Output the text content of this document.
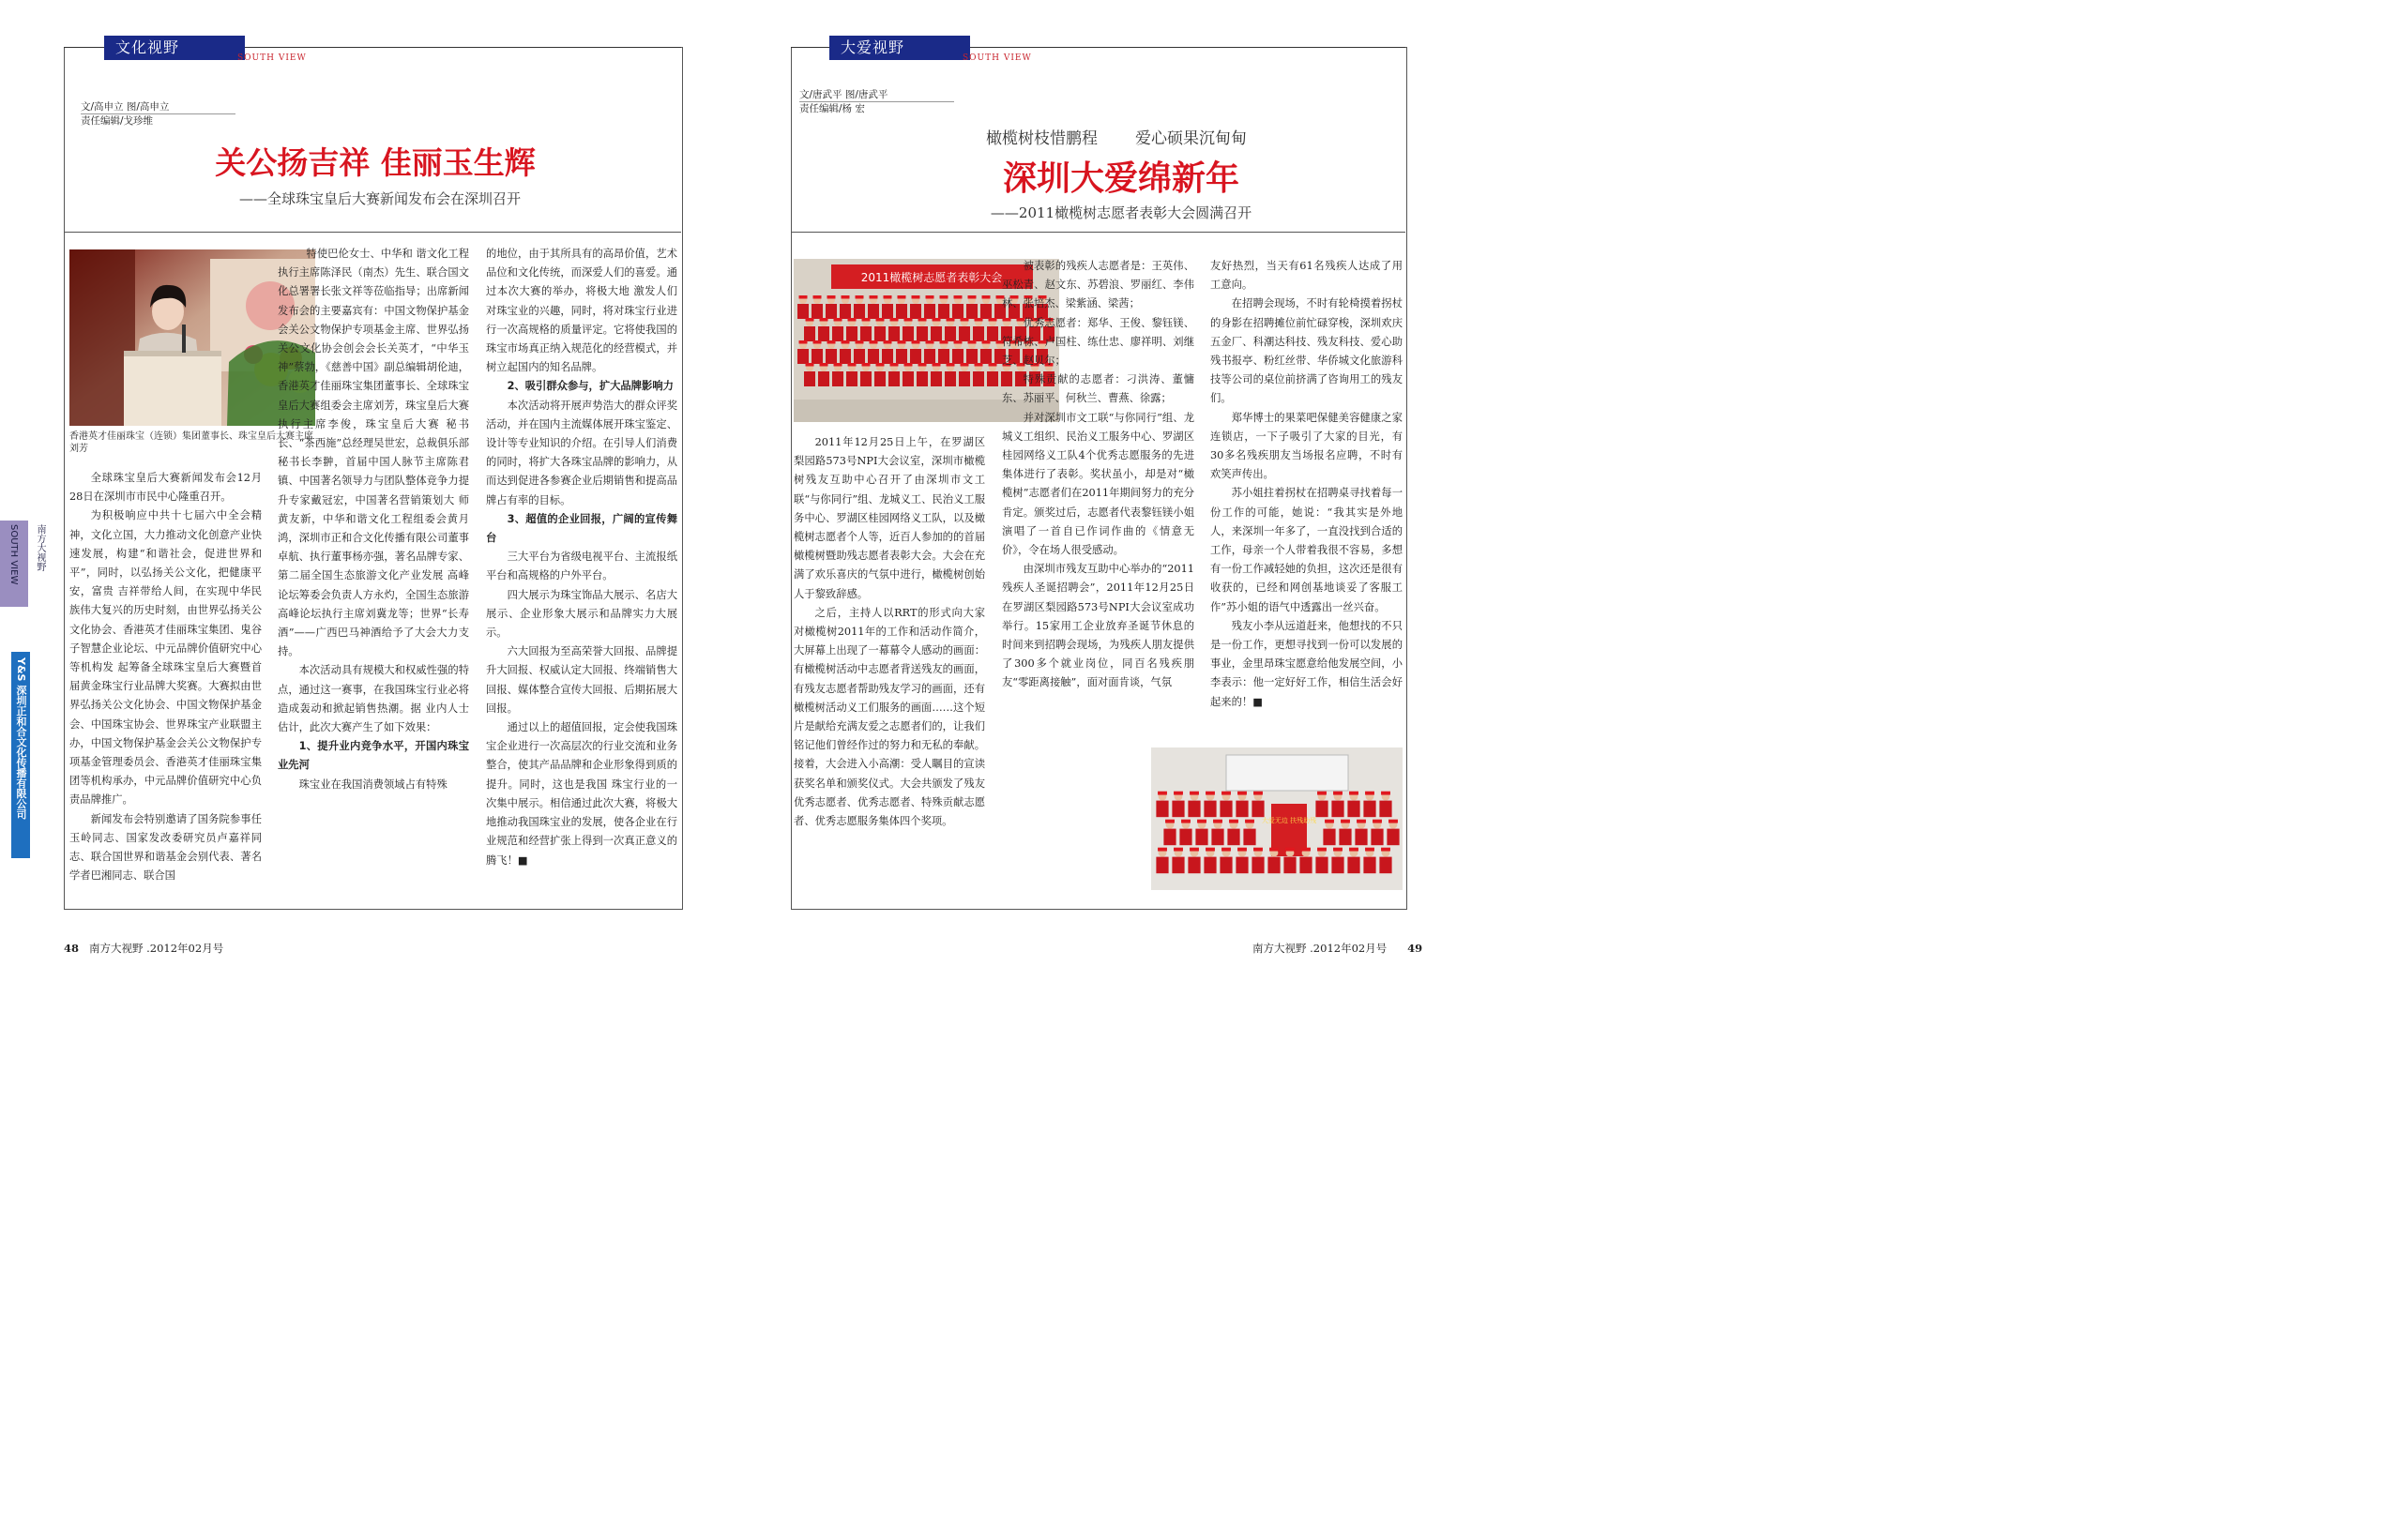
文化视野
SOUTH VIEW
文/高申立 图/高申立
责任编辑/戈珍维
关公扬吉祥 佳丽玉生辉
——全球珠宝皇后大赛新闻发布会在深圳召开
香港英才佳丽珠宝（连锁）集团董事长、珠宝皇后大赛主席刘芳

全球珠宝皇后大赛新闻发布会12月28日在深圳市市民中心隆重召开。

为积极响应中共十七届六中全会精神，文化立国，大力推动文化创意产业快速发展，构建“和谐社会，促进世界和平”，同时，以弘扬关公文化，把健康平安，富贵 吉祥带给人间，在实现中华民族伟大复兴的历史时刻，由世界弘扬关公文化协会、香港英才佳丽珠宝集团、鬼谷子智慧企业论坛、中元品牌价值研究中心等机构发 起筹备全球珠宝皇后大赛暨首届黄金珠宝行业品牌大奖赛。大赛拟由世界弘扬关公文化协会、中国文物保护基金会、中国珠宝协会、世界珠宝产业联盟主办，中国文物保护基金会关公文物保护专项基金管理委员会、香港英才佳丽珠宝集团等机构承办，中元品牌价值研究中心负责品牌推广。

新闻发布会特别邀请了国务院参事任玉岭同志、国家发改委研究员卢嘉祥同志、联合国世界和谐基金会别代表、著名学者巴湘同志、联合国

特使巴伦女士、中华和 谐文化工程执行主席陈泽民（南杰）先生、联合国文化总署署长张文祥等莅临指导；出席新闻发布会的主要嘉宾有：中国文物保护基金会关公文物保护专项基金主席、世界弘扬关公文化协会创会会长关英才，“中华玉神”蔡勃，《慈善中国》副总编辑胡伦迪，香港英才佳丽珠宝集团董事长、全球珠宝皇后大赛组委会主席刘芳，珠宝皇后大赛执行主席李俊，珠宝皇后大赛 秘书长、“茶西施”总经理吴世宏，总裁俱乐部秘书长李翀，首届中国人脉节主席陈君镇、中国著名领导力与团队整体竞争力提升专家戴冠宏，中国著名营销策划大 师黄友新，中华和谐文化工程组委会黄月鸿，深圳市正和合文化传播有限公司董事卓航、执行董事杨亦强，著名品牌专家、第二届全国生态旅游文化产业发展 高峰论坛筹委会负责人方永灼，全国生态旅游高峰论坛执行主席刘冀龙等；世界“长寿酒”——广西巴马神酒给予了大会大力支持。

本次活动具有规模大和权威性强的特点，通过这一赛事，在我国珠宝行业必将造成轰动和掀起销售热潮。据 业内人士估计，此次大赛产生了如下效果：

1、提升业内竞争水平，开国内珠宝业先河

珠宝业在我国消费领域占有特殊

的地位，由于其所具有的高昂价值，艺术品位和文化传统，而深爱人们的喜爱。通过本次大赛的举办，将极大地 激发人们对珠宝业的兴趣，同时，将对珠宝行业进行一次高规格的质量评定。它将使我国的珠宝市场真正纳入规范化的经营模式，并树立起国内的知名品牌。

2、吸引群众参与，扩大品牌影响力

本次活动将开展声势浩大的群众评奖活动，并在国内主流媒体展开珠宝鉴定、设计等专业知识的介绍。在引导人们消费的同时，将扩大各珠宝品牌的影响力，从而达到促进各参赛企业后期销售和提高品牌占有率的目标。

3、超值的企业回报，广阔的宣传舞台

三大平台为省级电视平台、主流报纸平台和高规格的户外平台。

四大展示为珠宝饰品大展示、名店大展示、企业形象大展示和品牌实力大展示。

六大回报为至高荣誉大回报、品牌提升大回报、权威认定大回报、终端销售大回报、媒体整合宣传大回报、后期拓展大回报。

通过以上的超值回报，定会使我国珠宝企业进行一次高层次的行业交流和业务整合，使其产品品牌和企业形象得到质的提升。同时，这也是我国 珠宝行业的一次集中展示。相信通过此次大赛，将极大地推动我国珠宝业的发展，使各企业在行业规范和经营扩张上得到一次真正意义的腾飞！■

48 南方大视野 .2012年02月号
南方大视野 SOUTH VIEW
Y&S 深圳正和合文化传播有限公司
大爱视野
SOUTH VIEW
文/唐武平 图/唐武平
责任编辑/杨 宏
橄榄树枝惜鹏程 爱心硕果沉甸甸
深圳大爱绵新年
——2011橄榄树志愿者表彰大会圆满召开
2011橄榄树志愿者表彰大会
大爱无边 扶残助残

2011年12月25日上午，在罗湖区梨园路573号NPI大会议室，深圳市橄榄树残友互助中心召开了由深圳市文工联“与你同行”组、龙城义工、民治义工服务中心、罗湖区桂园网络义工队，以及橄榄树志愿者个人等，近百人参加的的首届橄榄树暨助残志愿者表彰大会。大会在充满了欢乐喜庆的气氛中进行，橄榄树创始人于黎致辞感。

之后，主持人以RRT的形式向大家对橄榄树2011年的工作和活动作简介，大屏幕上出现了一幕幕令人感动的画面：有橄榄树活动中志愿者背送残友的画面，有残友志愿者帮助残友学习的画面，还有橄榄树活动义工们服务的画面……这个短片是献给充满友爱之志愿者们的，让我们铭记他们曾经作过的努力和无私的奉献。接着，大会进入小高潮：受人瞩目的宣读获奖名单和颁奖仪式。大会共颁发了残友优秀志愿者、优秀志愿者、特殊贡献志愿者、优秀志愿服务集体四个奖项。

被表彰的残疾人志愿者是：王英伟、巫松青、赵文东、苏碧浪、罗丽红、李伟林、张培杰、梁紫涵、梁茜；

优秀志愿者：郑华、王俊、黎钰镁、符希栋、卢国柱、练仕忠、廖祥明、刘继芝、赵贝尔；

特殊贡献的志愿者：刁洪涛、董慵东、苏丽平、何秋兰、曹燕、徐露；

并对深圳市文工联“与你同行”组、龙城义工组织、民治义工服务中心、罗湖区桂园网络义工队4个优秀志愿服务的先进集体进行了表彰。奖状虽小，却是对“橄榄树”志愿者们在2011年期间努力的充分肯定。颁奖过后，志愿者代表黎钰镁小姐演唱了一首自已作词作曲的《情意无价》，令在场人很受感动。

由深圳市残友互助中心举办的“2011残疾人圣诞招聘会”，2011年12月25日在罗湖区梨园路573号NPI大会议室成功举行。15家用工企业放弃圣诞节休息的时间来到招聘会现场，为残疾人朋友提供了300多个就业岗位，同百名残疾朋友“零距离接触”，面对面肯谈，气氛

友好热烈，当天有61名残疾人达成了用工意向。

在招聘会现场，不时有轮椅摸着拐杖的身影在招聘摊位前忙碌穿梭，深圳欢庆五金厂、科潮达科技、残友科技、爱心助残书报亭、粉红丝带、华侨城文化旅游科技等公司的桌位前挤满了咨询用工的残友们。

郑华博士的果菜吧保健美容健康之家连锁店，一下子吸引了大家的目光，有30多名残疾朋友当场报名应聘，不时有欢笑声传出。

苏小姐拄着拐杖在招聘桌寻找着每一份工作的可能，她说：“我其实是外地人，来深圳一年多了，一直没找到合适的工作，母亲一个人带着我很不容易，多想有一份工作减轻她的负担，这次还是很有收获的，已经和网创基地谈妥了客服工作”苏小姐的语气中透露出一丝兴奋。

残友小李从远道赶来，他想找的不只是一份工作，更想寻找到一份可以发展的事业，金里昂珠宝愿意给他发展空间，小李表示：他一定好好工作，相信生活会好起来的！■

南方大视野 .2012年02月号 49
